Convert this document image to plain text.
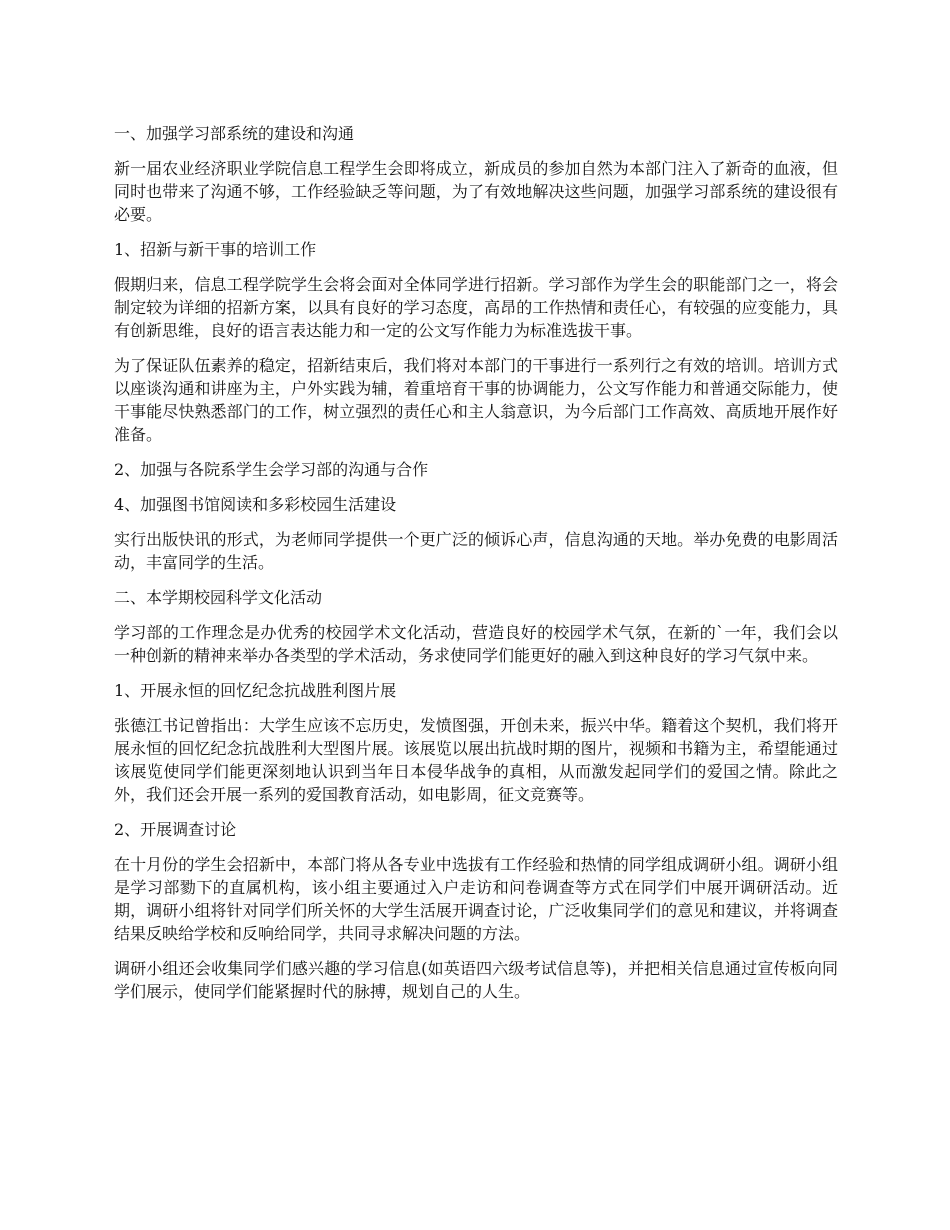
一、加强学习部系统的建设和沟通

新一届农业经济职业学院信息工程学生会即将成立，新成员的参加自然为本部门注入了新奇的血液，但同时也带来了沟通不够，工作经验缺乏等问题，为了有效地解决这些问题，加强学习部系统的建设很有必要。

1、招新与新干事的培训工作

假期归来，信息工程学院学生会将会面对全体同学进行招新。学习部作为学生会的职能部门之一，将会制定较为详细的招新方案，以具有良好的学习态度，高昂的工作热情和责任心，有较强的应变能力，具有创新思维，良好的语言表达能力和一定的公文写作能力为标准选拔干事。

为了保证队伍素养的稳定，招新结束后，我们将对本部门的干事进行一系列行之有效的培训。培训方式以座谈沟通和讲座为主，户外实践为辅，着重培育干事的协调能力，公文写作能力和普通交际能力，使干事能尽快熟悉部门的工作，树立强烈的责任心和主人翁意识，为今后部门工作高效、高质地开展作好准备。

2、加强与各院系学生会学习部的沟通与合作

4、加强图书馆阅读和多彩校园生活建设

实行出版快讯的形式，为老师同学提供一个更广泛的倾诉心声，信息沟通的天地。举办免费的电影周活动，丰富同学的生活。

二、本学期校园科学文化活动

学习部的工作理念是办优秀的校园学术文化活动，营造良好的校园学术气氛，在新的`一年，我们会以一种创新的精神来举办各类型的学术活动，务求使同学们能更好的融入到这种良好的学习气氛中来。

1、开展永恒的回忆纪念抗战胜利图片展

张德江书记曾指出：大学生应该不忘历史，发愤图强，开创未来，振兴中华。籍着这个契机，我们将开展永恒的回忆纪念抗战胜利大型图片展。该展览以展出抗战时期的图片，视频和书籍为主，希望能通过该展览使同学们能更深刻地认识到当年日本侵华战争的真相，从而激发起同学们的爱国之情。除此之外，我们还会开展一系列的爱国教育活动，如电影周，征文竞赛等。

2、开展调查讨论

在十月份的学生会招新中，本部门将从各专业中选拔有工作经验和热情的同学组成调研小组。调研小组是学习部勠下的直属机构，该小组主要通过入户走访和问卷调查等方式在同学们中展开调研活动。近期，调研小组将针对同学们所关怀的大学生活展开调查讨论，广泛收集同学们的意见和建议，并将调查结果反映给学校和反响给同学，共同寻求解决问题的方法。

调研小组还会收集同学们感兴趣的学习信息(如英语四六级考试信息等)，并把相关信息通过宣传板向同学们展示，使同学们能紧握时代的脉搏，规划自己的人生。
